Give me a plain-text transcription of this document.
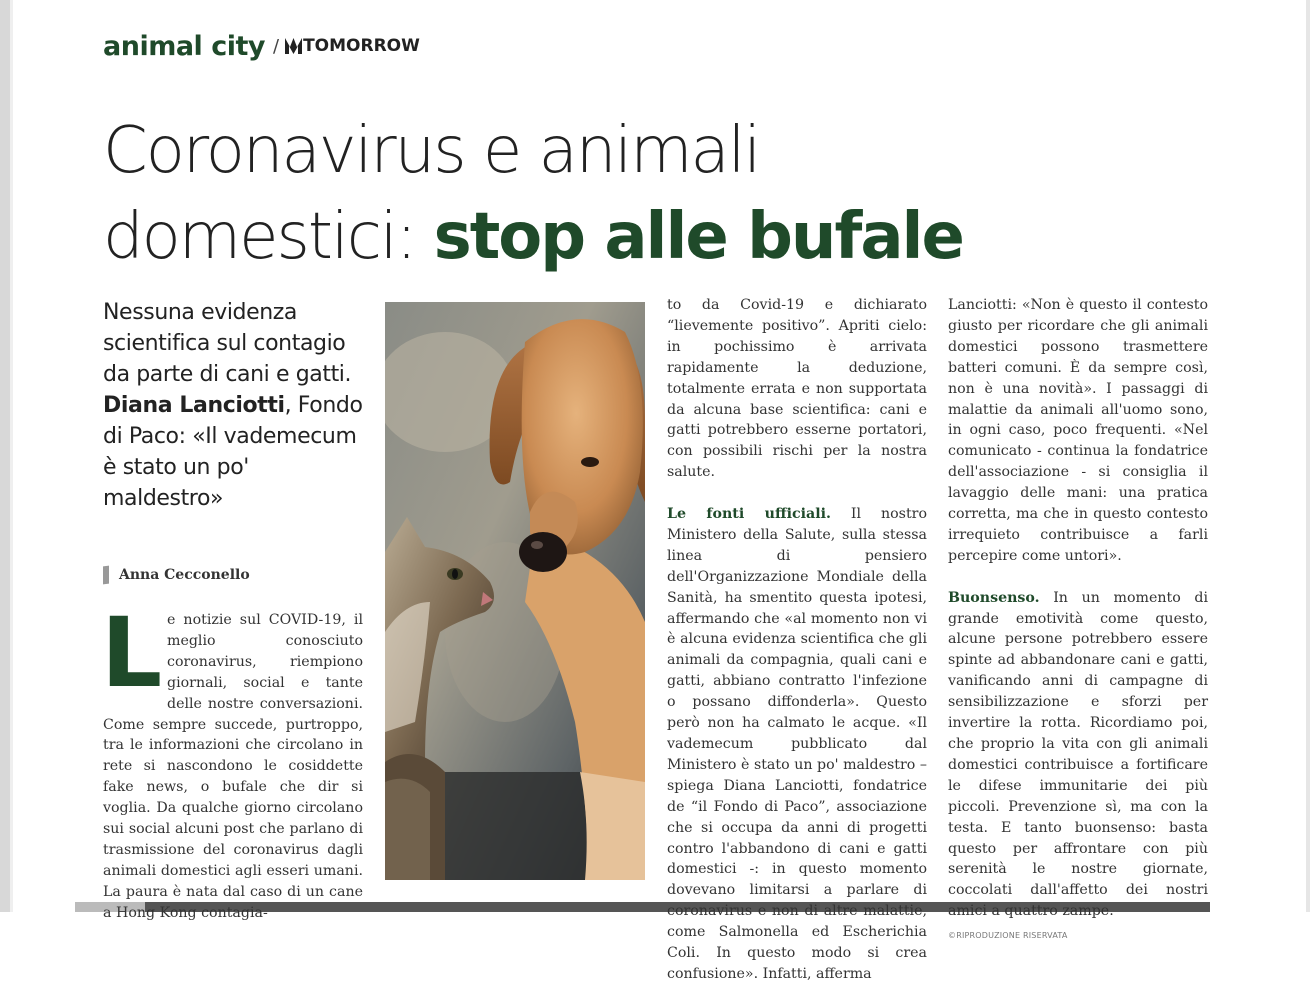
animal city / TOMORROW
Coronavirus e animali
domestici: stop alle bufale
Nessuna evidenza scientifica sul contagio da parte di cani e gatti. Diana Lanciotti, Fondo di Paco: «Il vademecum è stato un po' maldestro»
Anna Cecconello

Le notizie sul COVID-19, il meglio conosciuto coronavirus, riempiono giornali, social e tante delle nostre conversazioni. Come sempre succede, purtroppo, tra le informazioni che circolano in rete si nascondono le cosiddette fake news, o bufale che dir si voglia. Da qualche giorno circolano sui social alcuni post che parlano di trasmissione del coronavirus dagli animali domestici agli esseri umani. La paura è nata dal caso di un cane a Hong Kong contagia-

to da Covid-19 e dichiarato “lievemente positivo”. Apriti cielo: in pochissimo è arrivata rapidamente la deduzione, totalmente errata e non supportata da alcuna base scientifica: cani e gatti potrebbero esserne portatori, con possibili rischi per la nostra salute.

Le fonti ufficiali. Il nostro Ministero della Salute, sulla stessa linea di pensiero dell'Organizzazione Mondiale della Sanità, ha smentito questa ipotesi, affermando che «al momento non vi è alcuna evidenza scientifica che gli animali da compagnia, quali cani e gatti, abbiano contratto l'infezione o possano diffonderla». Questo però non ha calmato le acque. «Il vademecum pubblicato dal Ministero è stato un po' maldestro – spiega Diana Lanciotti, fondatrice de “il Fondo di Paco”, associazione che si occupa da anni di progetti contro l'abbandono di cani e gatti domestici -: in questo momento dovevano limitarsi a parlare di coronavirus e non di altre malattie, come Salmonella ed Escherichia Coli. In questo modo si crea confusione». Infatti, afferma

Lanciotti: «Non è questo il contesto giusto per ricordare che gli animali domestici possono trasmettere batteri comuni. È da sempre così, non è una novità». I passaggi di malattie da animali all'uomo sono, in ogni caso, poco frequenti. «Nel comunicato - continua la fondatrice dell'associazione - si consiglia il lavaggio delle mani: una pratica corretta, ma che in questo contesto irrequieto contribuisce a farli percepire come untori».

Buonsenso. In un momento di grande emotività come questo, alcune persone potrebbero essere spinte ad abbandonare cani e gatti, vanificando anni di campagne di sensibilizzazione e sforzi per invertire la rotta. Ricordiamo poi, che proprio la vita con gli animali domestici contribuisce a fortificare le difese immunitarie dei più piccoli. Prevenzione sì, ma con la testa. E tanto buonsenso: basta questo per affrontare con più serenità le nostre giornate, coccolati dall'affetto dei nostri amici a quattro zampe.

©RIPRODUZIONE RISERVATA
